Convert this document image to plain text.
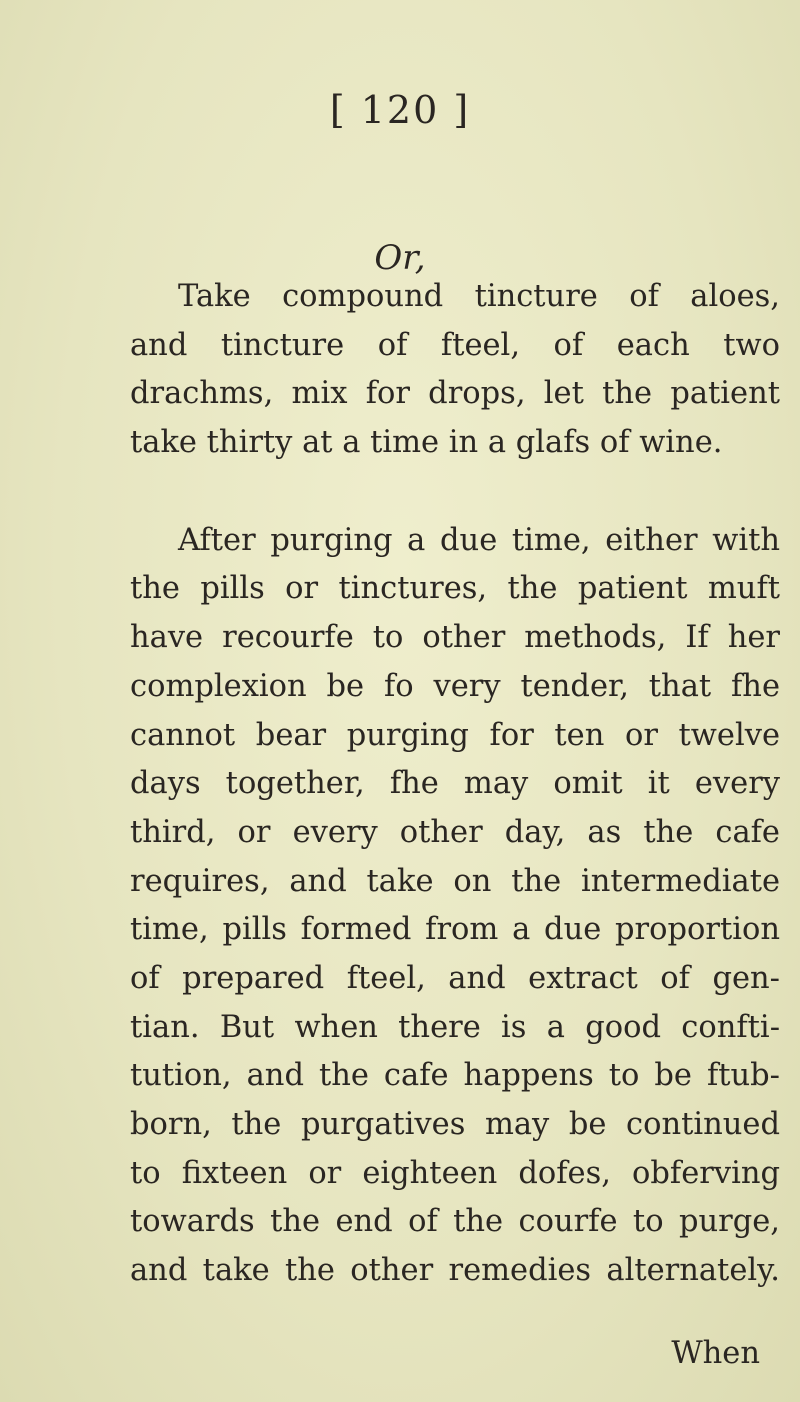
[ 120 ]
Or,
Take compound tincture of aloes,
and tincture of fteel, of each two
drachms, mix for drops, let the patient
take thirty at a time in a glafs of wine.
After purging a due time, either with
the pills or tinctures, the patient muft
have recourfe to other methods, If her
complexion be fo very tender, that fhe
cannot bear purging for ten or twelve
days together, fhe may omit it every
third, or every other day, as the cafe
requires, and take on the intermediate
time, pills formed from a due proportion
of prepared fteel, and extract of gen-
tian. But when there is a good confti-
tution, and the cafe happens to be ftub-
born, the purgatives may be continued
to fixteen or eighteen dofes, obferving
towards the end of the courfe to purge,
and take the other remedies alternately.
When
